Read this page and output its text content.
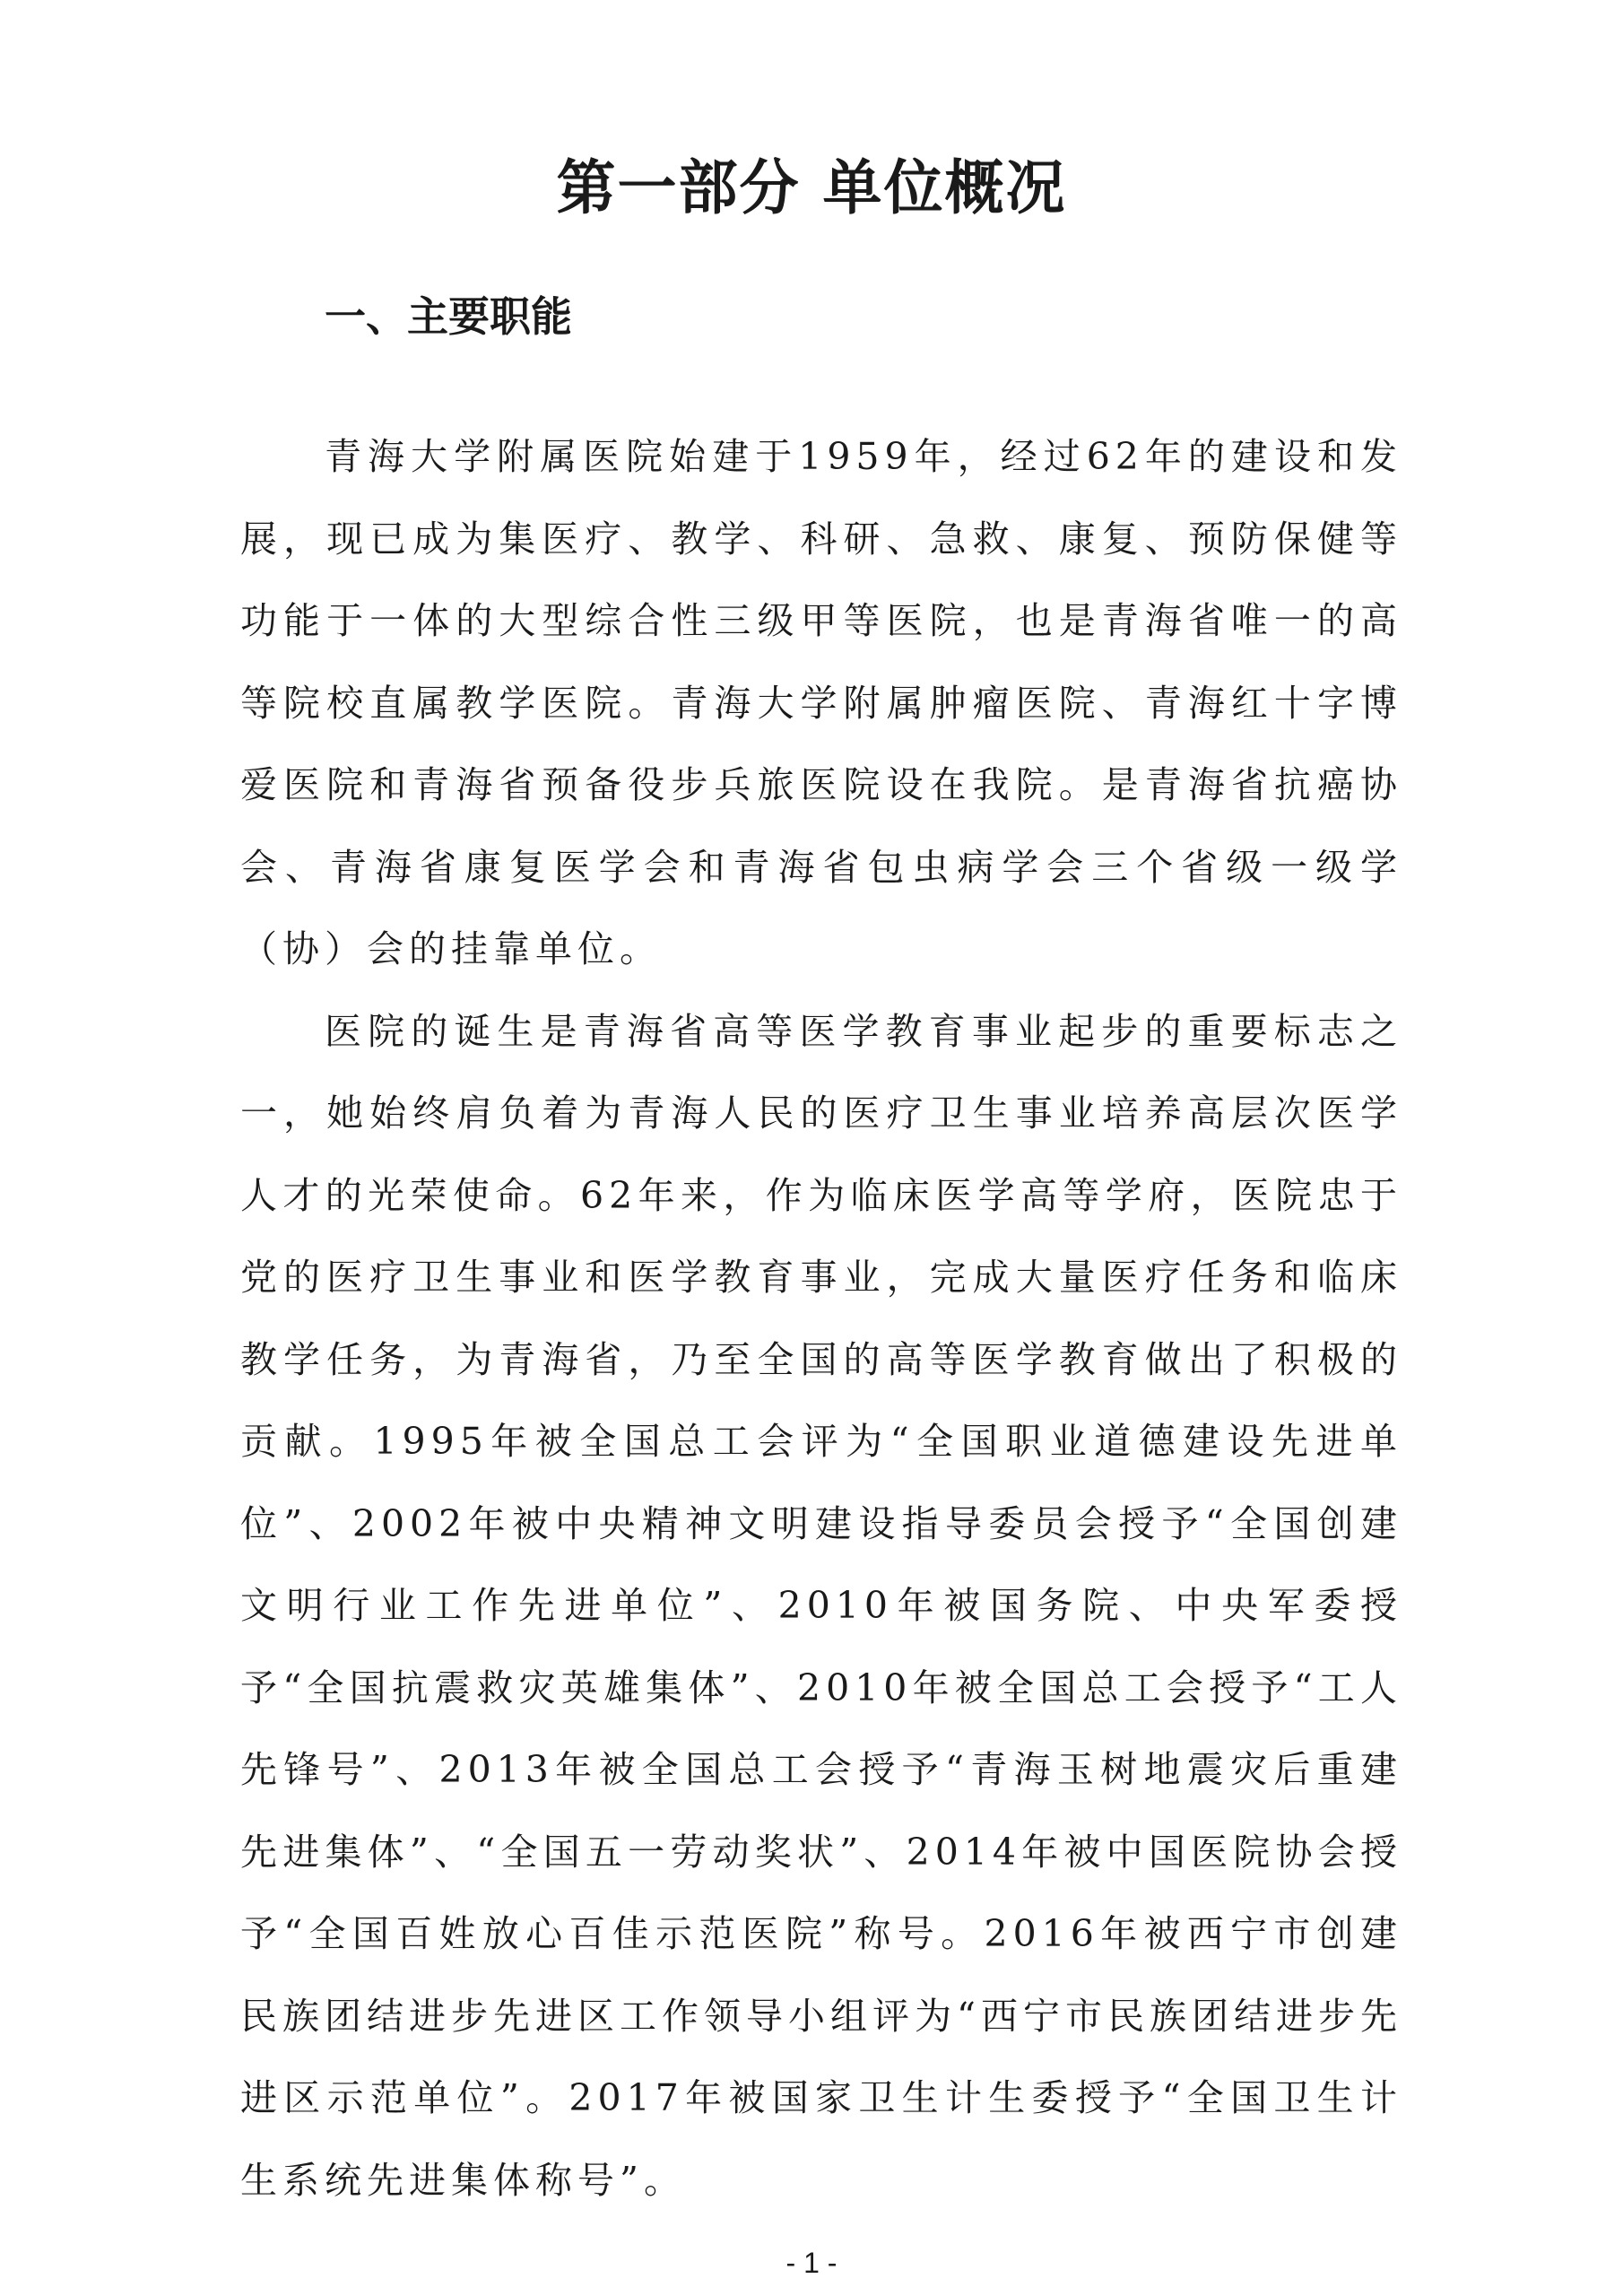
第一部分 单位概况
一、主要职能

青海大学附属医院始建于1959年，经过62年的建设和发展，现已成为集医疗、教学、科研、急救、康复、预防保健等功能于一体的大型综合性三级甲等医院，也是青海省唯一的高等院校直属教学医院。青海大学附属肿瘤医院、青海红十字博爱医院和青海省预备役步兵旅医院设在我院。是青海省抗癌协会、青海省康复医学会和青海省包虫病学会三个省级一级学（协）会的挂靠单位。

医院的诞生是青海省高等医学教育事业起步的重要标志之一，她始终肩负着为青海人民的医疗卫生事业培养高层次医学人才的光荣使命。62年来，作为临床医学高等学府，医院忠于党的医疗卫生事业和医学教育事业，完成大量医疗任务和临床教学任务，为青海省，乃至全国的高等医学教育做出了积极的贡献。1995年被全国总工会评为“全国职业道德建设先进单位”、2002年被中央精神文明建设指导委员会授予“全国创建文明行业工作先进单位”、2010年被国务院、中央军委授予“全国抗震救灾英雄集体”、2010年被全国总工会授予“工人先锋号”、2013年被全国总工会授予“青海玉树地震灾后重建先进集体”、“全国五一劳动奖状”、2014年被中国医院协会授予“全国百姓放心百佳示范医院”称号。2016年被西宁市创建民族团结进步先进区工作领导小组评为“西宁市民族团结进步先进区示范单位”。2017年被国家卫生计生委授予“全国卫生计生系统先进集体称号”。

- 1 -
